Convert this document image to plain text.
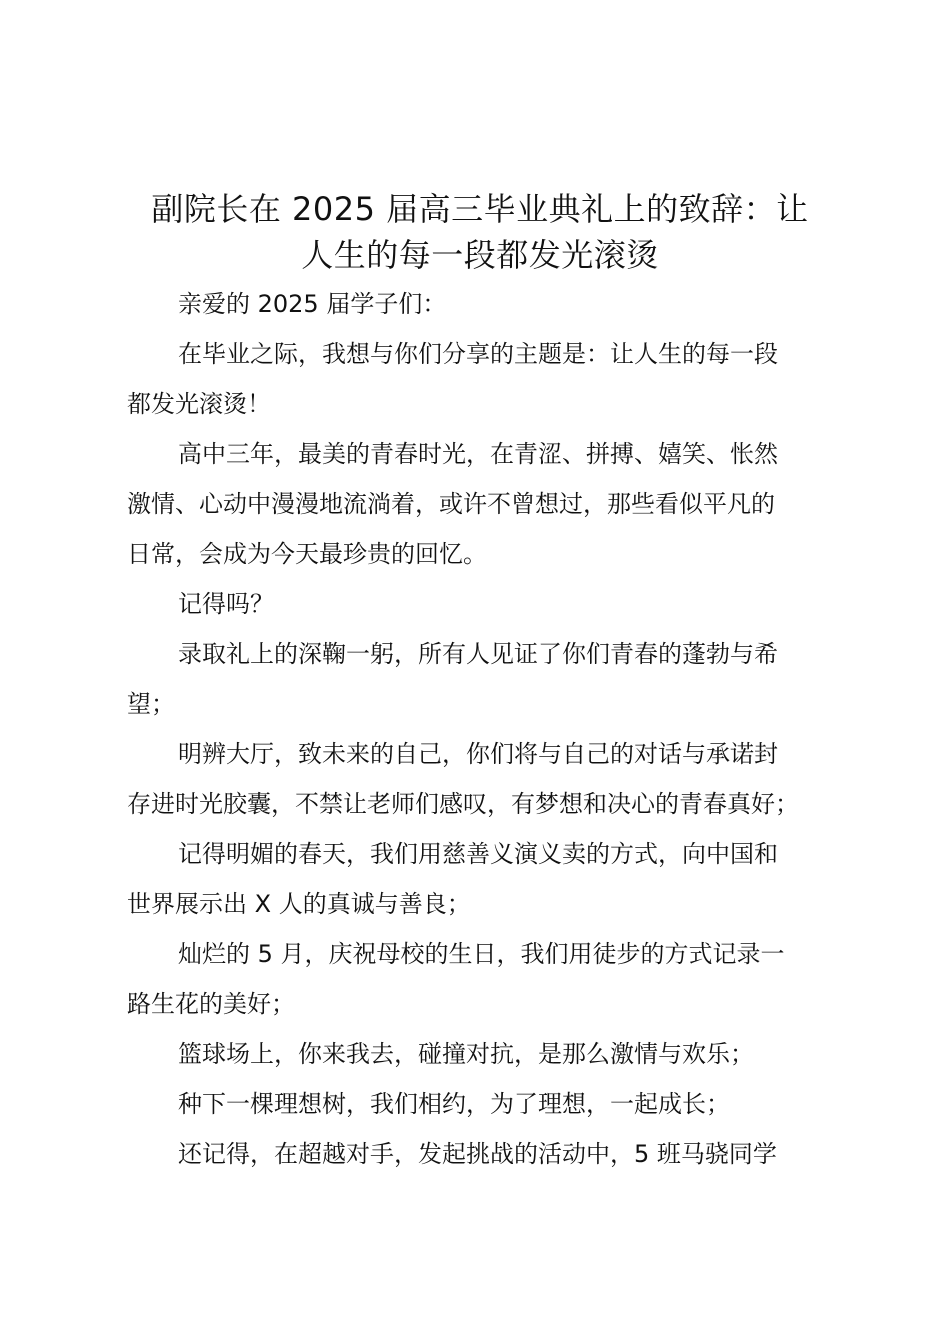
副院长在 2025 届高三毕业典礼上的致辞：让
人生的每一段都发光滚烫
亲爱的 2025 届学子们：
在毕业之际，我想与你们分享的主题是：让人生的每一段
都发光滚烫！
高中三年，最美的青春时光，在青涩、拼搏、嬉笑、怅然
激情、心动中漫漫地流淌着，或许不曾想过，那些看似平凡的
日常，会成为今天最珍贵的回忆。
记得吗？
录取礼上的深鞠一躬，所有人见证了你们青春的蓬勃与希
望；
明辨大厅，致未来的自己，你们将与自己的对话与承诺封
存进时光胶囊，不禁让老师们感叹，有梦想和决心的青春真好；
记得明媚的春天，我们用慈善义演义卖的方式，向中国和
世界展示出 X 人的真诚与善良；
灿烂的 5 月，庆祝母校的生日，我们用徒步的方式记录一
路生花的美好；
篮球场上，你来我去，碰撞对抗，是那么激情与欢乐；
种下一棵理想树，我们相约，为了理想，一起成长；
还记得，在超越对手，发起挑战的活动中，5 班马骁同学
